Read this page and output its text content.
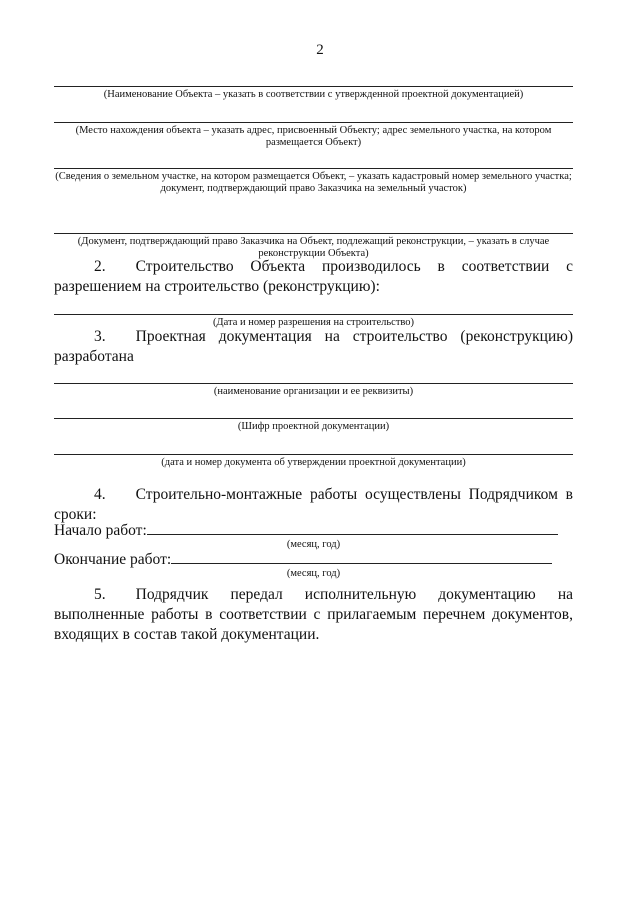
2
(Наименование Объекта – указать в соответствии с утвержденной проектной документацией)
(Место нахождения объекта – указать адрес, присвоенный Объекту; адрес земельного участка, на котором размещается Объект)
(Сведения о земельном участке, на котором размещается Объект, – указать кадастровый номер земельного участка; документ, подтверждающий право Заказчика на земельный участок)
(Документ, подтверждающий право Заказчика на Объект, подлежащий реконструкции, – указать в случае реконструкции Объекта)
2. Строительство Объекта производилось в соответствии с разрешением на строительство (реконструкцию):
(Дата и номер разрешения на строительство)
3. Проектная документация на строительство (реконструкцию) разработана
(наименование организации и ее реквизиты)
(Шифр проектной документации)
(дата и номер документа об утверждении проектной документации)
4. Строительно-монтажные работы осуществлены Подрядчиком в сроки:
Начало работ:
(месяц, год)
Окончание работ:
(месяц, год)
5. Подрядчик передал исполнительную документацию на выполненные работы в соответствии с прилагаемым перечнем документов, входящих в состав такой документации.
